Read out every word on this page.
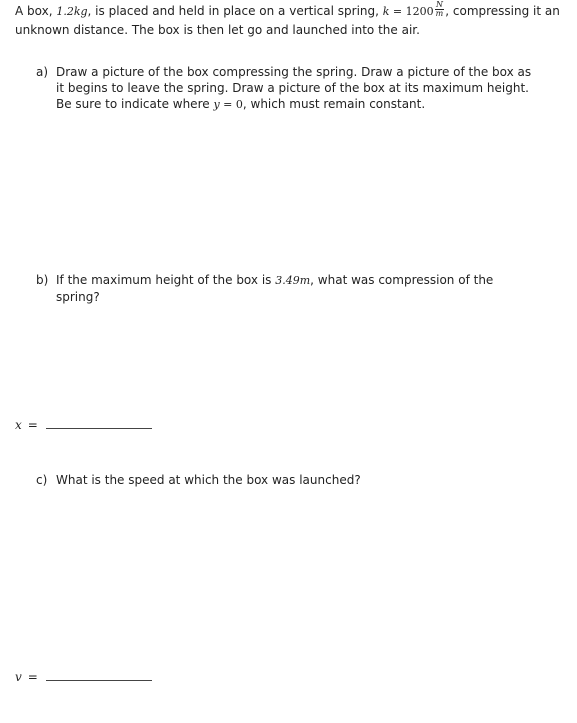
A box, 1.2kg, is placed and held in place on a vertical spring, $k = 1200 \frac{N}{m}$ , compressing it an unknown distance. The box is then let go and launched into the air.
a) Draw a picture of the box compressing the spring. Draw a picture of the box as it begins to leave the spring. Draw a picture of the box at its maximum height. Be sure to indicate where y = 0, which must remain constant.
b) If the maximum height of the box is 3.49m, what was compression of the spring?
x =
c) What is the speed at which the box was launched?
v =
